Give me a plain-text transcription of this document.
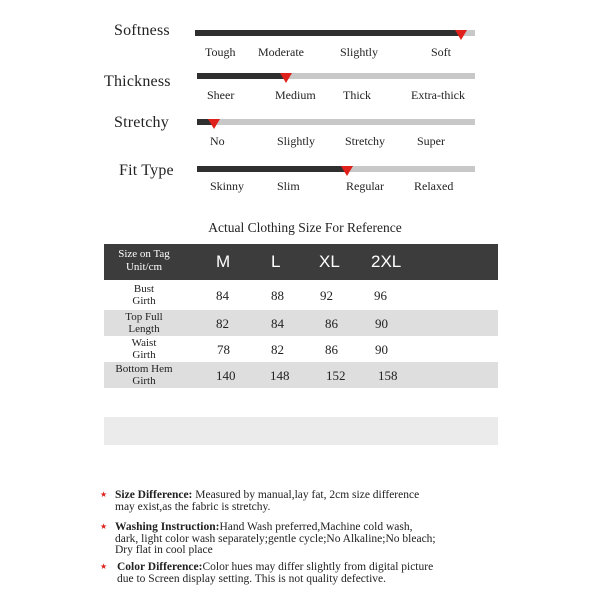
Softness
Tough Moderate	Slightly	Soft
Thickness
Sheer	Medium Thick	Extra-thick
Stretchy
No	Slightly Stretchy	Super
Fit Type
Skinny	Slim	Regular	Relaxed
Actual Clothing Size For Reference
Size on Tag
Unit/cm	M L XL 2XL
Bust
Girth	84	88	92	96
Top Full
Length	82	84	86	90
Waist
Girth	78	82	86	90
Bottom Hem
Girth	140	148	152	158
★ Size Difference: Measured by manual,lay fat, 2cm size difference
may exist,as the fabric is stretchy.
★ Washing Instruction:Hand Wash preferred,Machine cold wash,
dark, light color wash separately;gentle cycle;No Alkaline;No bleach;
Dry flat in cool place
★ Color Difference:Color hues may differ slightly from digital picture
due to Screen display setting. This is not quality defective.
